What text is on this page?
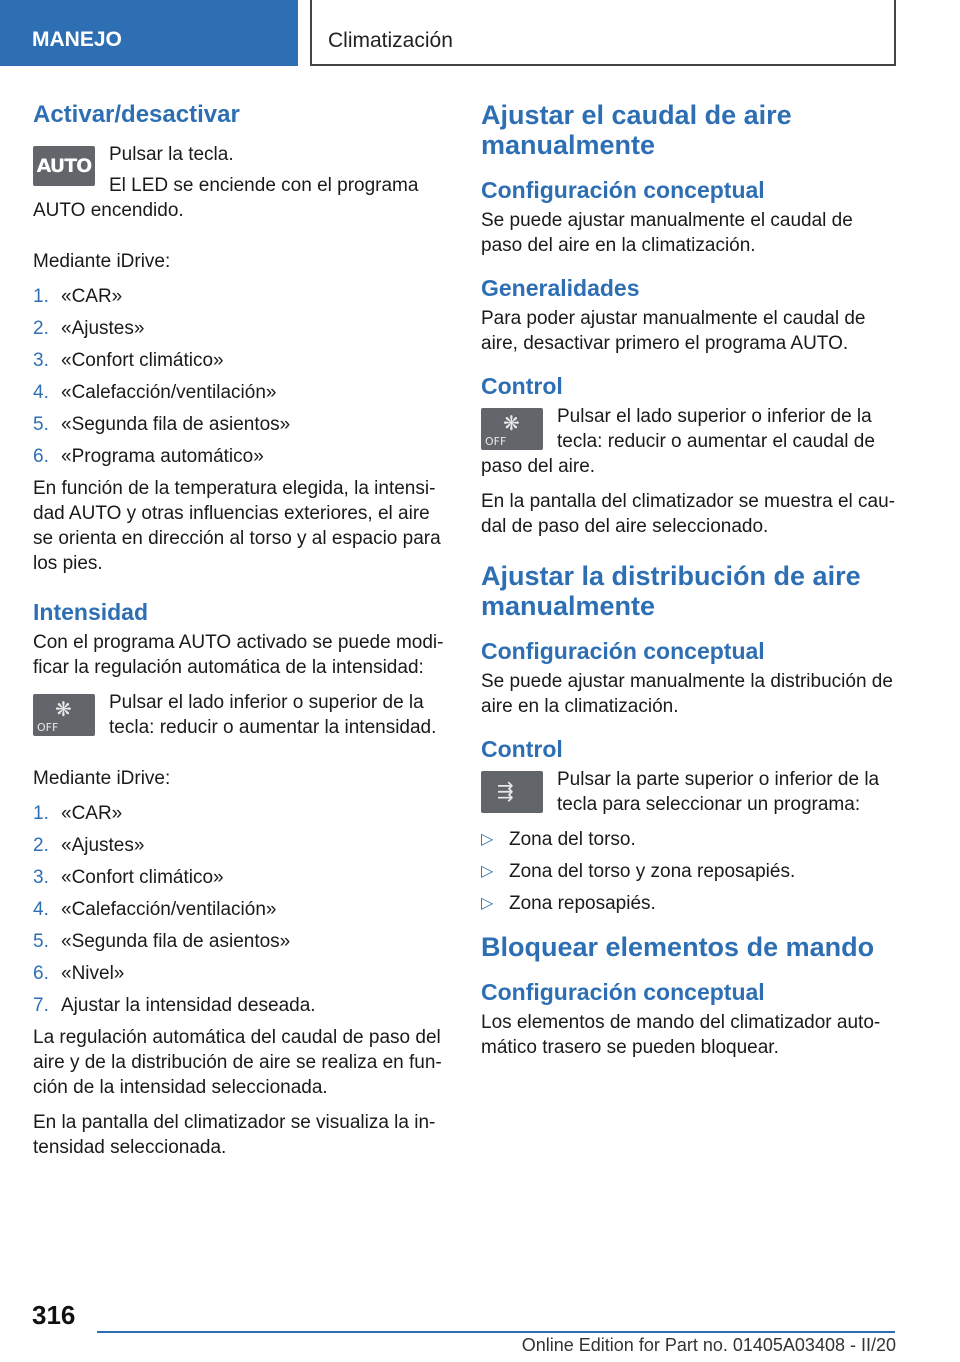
MANEJO	Climatización
Activar/desactivar
AUTO

Pulsar la tecla.

El LED se enciende con el programa AUTO encendido.

Mediante iDrive:

1. «CAR»
2. «Ajustes»
3. «Confort climático»
4. «Calefacción/ventilación»
5. «Segunda fila de asientos»
6. «Programa automático»

En función de la temperatura elegida, la intensi-dad AUTO y otras influencias exteriores, el aire se orienta en dirección al torso y al espacio para los pies.

Intensidad

Con el programa AUTO activado se puede modi-ficar la regulación automática de la intensidad:

❋
OFF

Pulsar el lado inferior o superior de la tecla: reducir o aumentar la intensidad.

Mediante iDrive:

1. «CAR»
2. «Ajustes»
3. «Confort climático»
4. «Calefacción/ventilación»
5. «Segunda fila de asientos»
6. «Nivel»
7. Ajustar la intensidad deseada.

La regulación automática del caudal de paso del aire y de la distribución de aire se realiza en fun-ción de la intensidad seleccionada.

En la pantalla del climatizador se visualiza la in-tensidad seleccionada.

Ajustar el caudal de aire manualmente
Configuración conceptual

Se puede ajustar manualmente el caudal de paso del aire en la climatización.

Generalidades

Para poder ajustar manualmente el caudal de aire, desactivar primero el programa AUTO.

Control
❋
OFF

Pulsar el lado superior o inferior de la tecla: reducir o aumentar el caudal de paso del aire.

En la pantalla del climatizador se muestra el cau-dal de paso del aire seleccionado.

Ajustar la distribución de aire manualmente
Configuración conceptual

Se puede ajustar manualmente la distribución de aire en la climatización.

Control
⇶

Pulsar la parte superior o inferior de la tecla para seleccionar un programa:

▷ Zona del torso.
▷ Zona del torso y zona reposapiés.
▷ Zona reposapiés.
Bloquear elementos de mando
Configuración conceptual

Los elementos de mando del climatizador auto-mático trasero se pueden bloquear.

316
Online Edition for Part no. 01405A03408 - II/20
